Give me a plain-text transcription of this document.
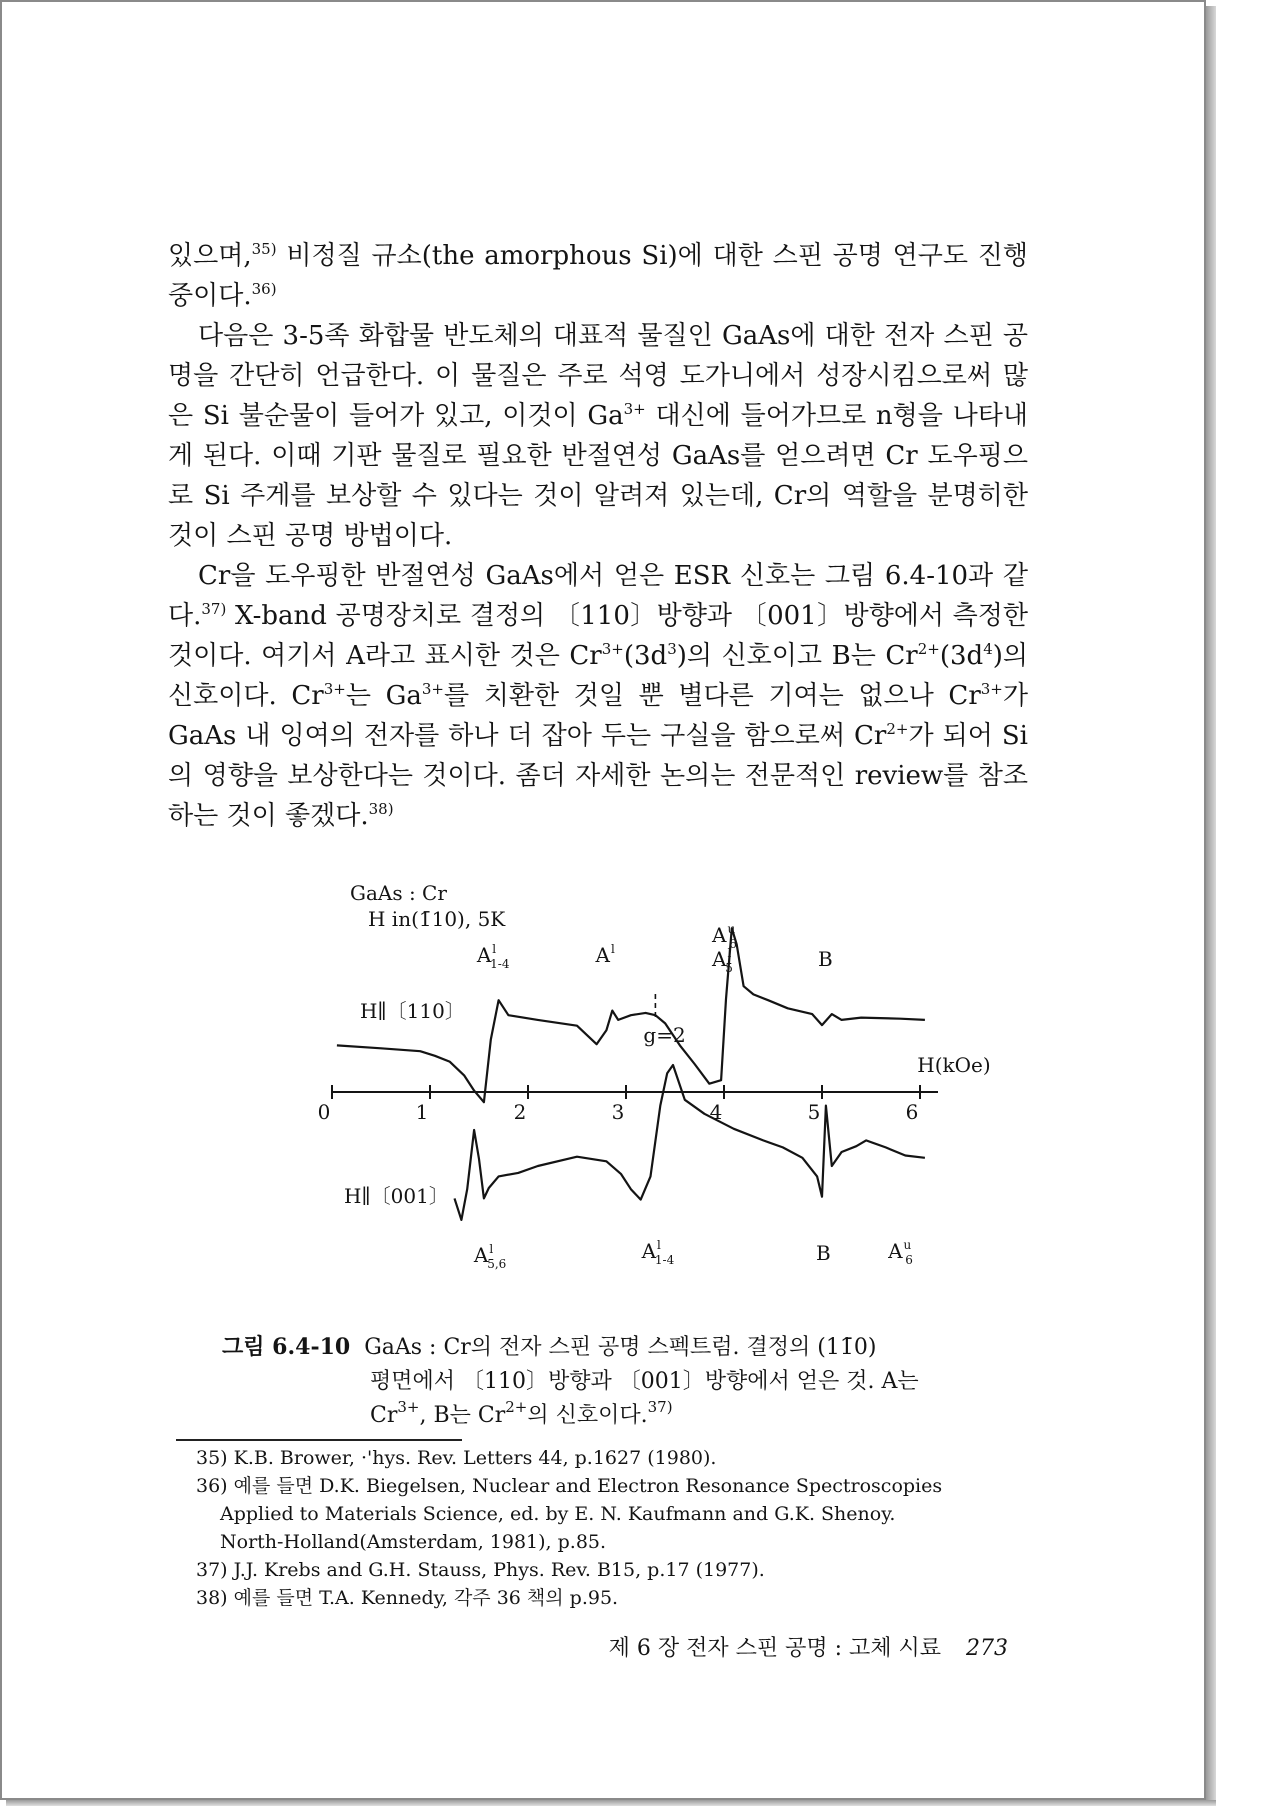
있으며,$^{35)}$ 비정질 규소(the amorphous Si)에 대한 스핀 공명 연구도 진행중이다.$^{36)}$

다음은 3-5족 화합물 반도체의 대표적 물질인 GaAs에 대한 전자 스핀 공명을 간단히 언급한다. 이 물질은 주로 석영 도가니에서 성장시킴으로써 많은 Si 불순물이 들어가 있고, 이것이 $Ga^{3+}$ 대신에 들어가므로 n형을 나타내게 된다. 이때 기판 물질로 필요한 반절연성 GaAs를 얻으려면 Cr 도우핑으로 Si 주게를 보상할 수 있다는 것이 알려져 있는데, Cr의 역할을 분명히한 것이 스핀 공명 방법이다.

Cr을 도우핑한 반절연성 GaAs에서 얻은 ESR 신호는 그림 6.4-10과 같다.$^{37)}$ X-band 공명장치로 결정의 〔110〕방향과 〔001〕방향에서 측정한 것이다. 여기서 A라고 표시한 것은 $Cr^{3+}(3d^3)$의 신호이고 B는 $Cr^{2+}(3d^4)$의 신호이다. $Cr^{3+}$는 $Ga^{3+}$를 치환한 것일 뿐 별다른 기여는 없으나 $Cr^{3+}$가 GaAs 내 잉여의 전자를 하나 더 잡아 두는 구실을 함으로써 $Cr^{2+}$가 되어 Si의 영향을 보상한다는 것이다. 좀더 자세한 논의는 전문적인 review를 참조하는 것이 좋겠다.$^{38)}$

0	1	2	3	4	5	6
H(kOe)
GaAs : Cr
H in(1̄10), 5K
H∥〔110〕
H∥〔001〕
$A^l$ 1-4	$A^l$
$A^u$ 6
$A^l$ 5	B
g=2
$A^l$ 5,6
$A^l$ 1-4	B	$A^u$ 6
그림 6.4-10 GaAs : Cr의 전자 스핀 공명 스펙트럼. 결정의 (11̄0)
평면에서 〔110〕방향과 〔001〕방향에서 얻은 것. A는
$Cr^{3+}$, B는 $Cr^{2+}$의 신호이다.$^{37)}$
35) K.B. Brower, ·'hys. Rev. Letters 44, p.1627 (1980).
36) 예를 들면 D.K. Biegelsen, Nuclear and Electron Resonance Spectroscopies
Applied to Materials Science, ed. by E. N. Kaufmann and G.K. Shenoy.
North-Holland(Amsterdam, 1981), p.85.
37) J.J. Krebs and G.H. Stauss, Phys. Rev. B15, p.17 (1977).
38) 예를 들면 T.A. Kennedy, 각주 36 책의 p.95.
제 6 장 전자 스핀 공명 : 고체 시료 273
